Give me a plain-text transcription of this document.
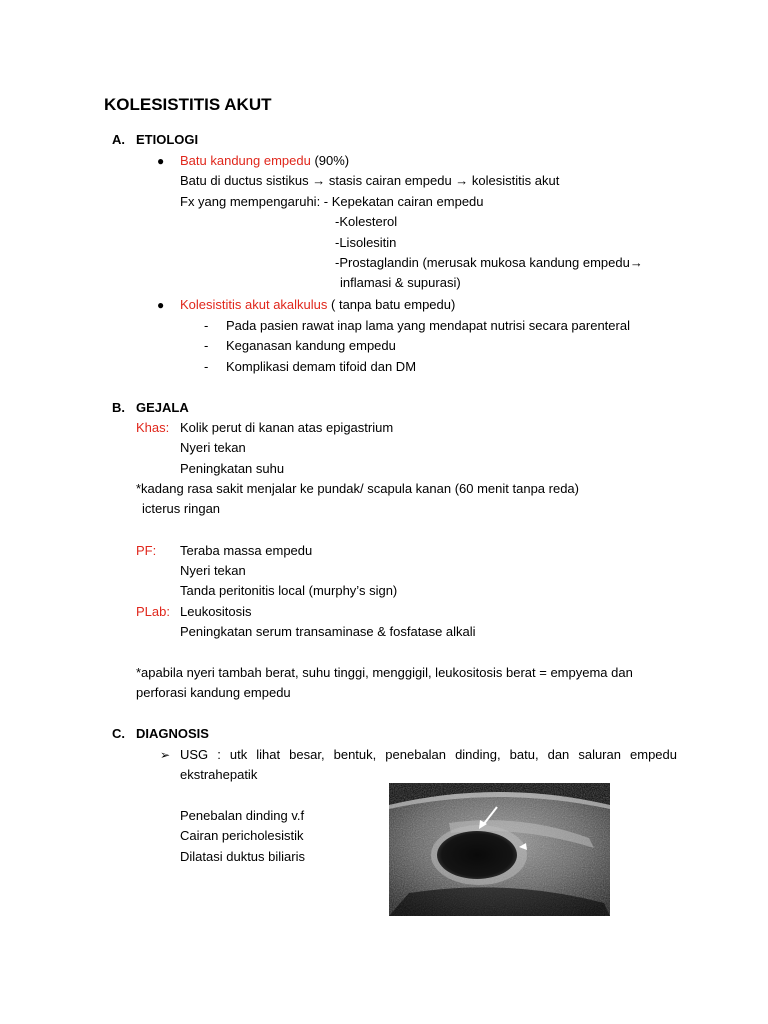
KOLESISTITIS AKUT
A. ETIOLOGI
● Batu kandung empedu (90%)
Batu di ductus sistikus → stasis cairan empedu → kolesistitis akut
Fx yang mempengaruhi: - Kepekatan cairan empedu
-Kolesterol
-Lisolesitin
-Prostaglandin (merusak mukosa kandung empedu→
inflamasi & supurasi)
● Kolesistitis akut akalkulus ( tanpa batu empedu)
- Pada pasien rawat inap lama yang mendapat nutrisi secara parenteral
- Keganasan kandung empedu
- Komplikasi demam tifoid dan DM
B. GEJALA
Khas: Kolik perut di kanan atas epigastrium
Nyeri tekan
Peningkatan suhu
*kadang rasa sakit menjalar ke pundak/ scapula kanan (60 menit tanpa reda)
icterus ringan
PF: Teraba massa empedu
Nyeri tekan
Tanda peritonitis local (murphy’s sign)
PLab: Leukositosis
Peningkatan serum transaminase & fosfatase alkali
*apabila nyeri tambah berat, suhu tinggi, menggigil, leukositosis berat = empyema dan
perforasi kandung empedu
C. DIAGNOSIS
➢ USG : utk lihat besar, bentuk, penebalan dinding, batu, dan saluran empedu
ekstrahepatik
Penebalan dinding v.f
Cairan pericholesistik
Dilatasi duktus biliaris
